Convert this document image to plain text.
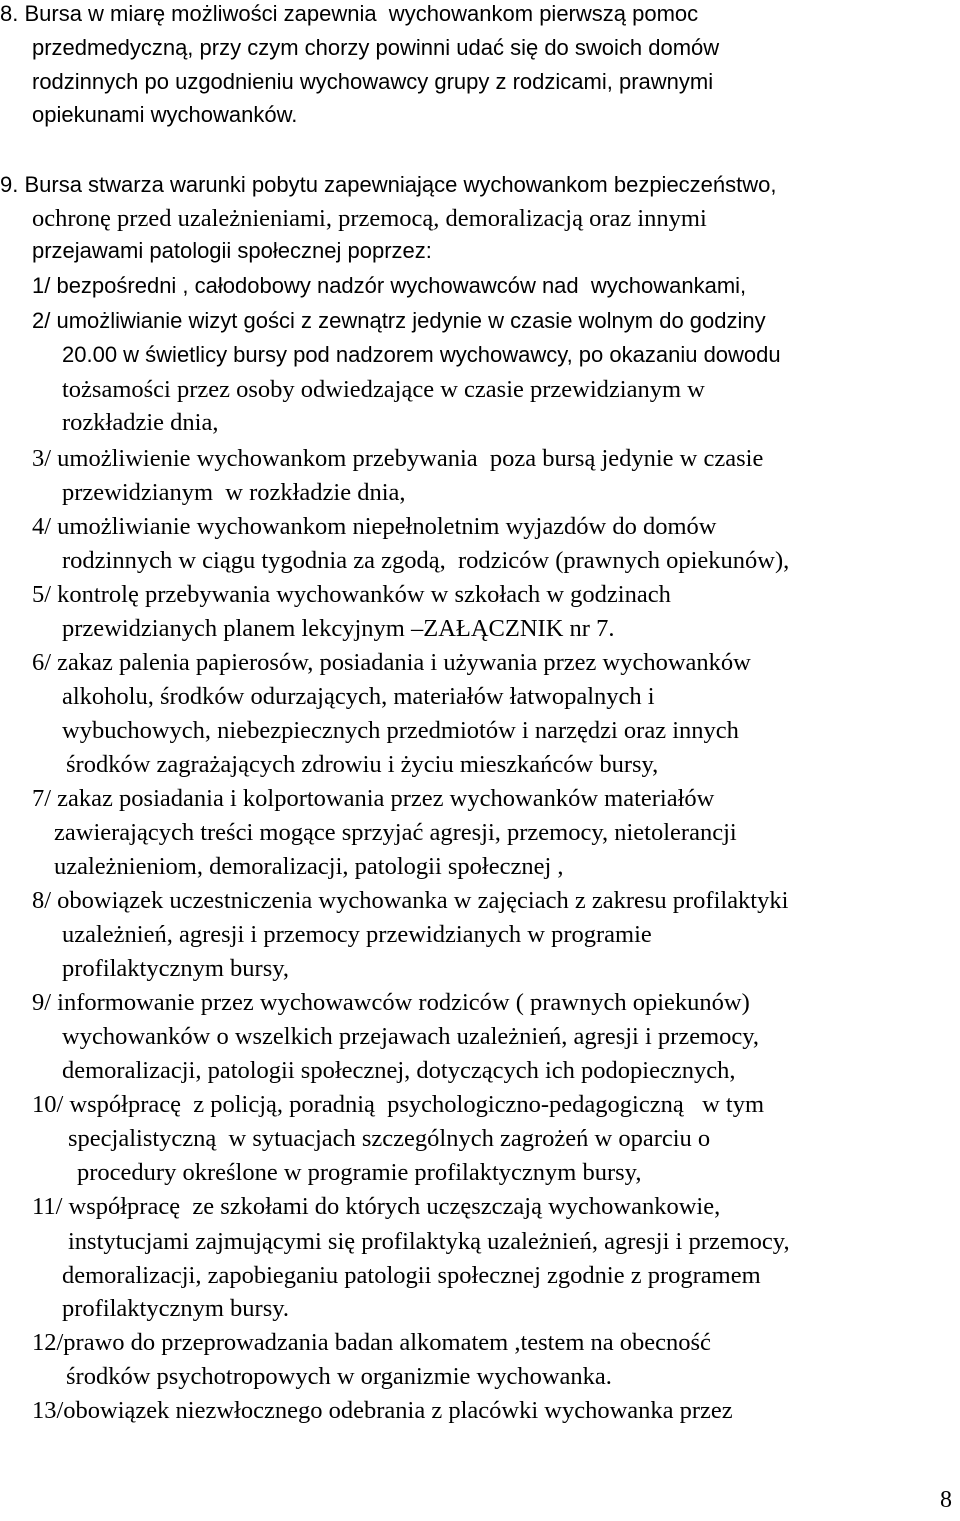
8. Bursa w miarę możliwości zapewnia  wychowankom pierwszą pomoc
przedmedyczną, przy czym chorzy powinni udać się do swoich domów
rodzinnych po uzgodnieniu wychowawcy grupy z rodzicami, prawnymi
opiekunami wychowanków.
9. Bursa stwarza warunki pobytu zapewniające wychowankom bezpieczeństwo,
ochronę przed uzależnieniami, przemocą, demoralizacją oraz innymi
przejawami patologii społecznej poprzez:
1/ bezpośredni , całodobowy nadzór wychowawców nad  wychowankami,
2/ umożliwianie wizyt gości z zewnątrz jedynie w czasie wolnym do godziny
20.00 w świetlicy bursy pod nadzorem wychowawcy, po okazaniu dowodu
tożsamości przez osoby odwiedzające w czasie przewidzianym w
rozkładzie dnia,
3/ umożliwienie wychowankom przebywania  poza bursą jedynie w czasie
przewidzianym  w rozkładzie dnia,
4/ umożliwianie wychowankom niepełnoletnim wyjazdów do domów
rodzinnych w ciągu tygodnia za zgodą,  rodziców (prawnych opiekunów),
5/ kontrolę przebywania wychowanków w szkołach w godzinach
przewidzianych planem lekcyjnym –ZAŁĄCZNIK nr 7.
6/ zakaz palenia papierosów, posiadania i używania przez wychowanków
alkoholu, środków odurzających, materiałów łatwopalnych i
wybuchowych, niebezpiecznych przedmiotów i narzędzi oraz innych
środków zagrażających zdrowiu i życiu mieszkańców bursy,
7/ zakaz posiadania i kolportowania przez wychowanków materiałów
zawierających treści mogące sprzyjać agresji, przemocy, nietolerancji
uzależnieniom, demoralizacji, patologii społecznej ,
8/ obowiązek uczestniczenia wychowanka w zajęciach z zakresu profilaktyki
uzależnień, agresji i przemocy przewidzianych w programie
profilaktycznym bursy,
9/ informowanie przez wychowawców rodziców ( prawnych opiekunów)
wychowanków o wszelkich przejawach uzależnień, agresji i przemocy,
demoralizacji, patologii społecznej, dotyczących ich podopiecznych,
10/ współpracę  z policją, poradnią  psychologiczno-pedagogiczną   w tym
specjalistyczną  w sytuacjach szczególnych zagrożeń w oparciu o
procedury określone w programie profilaktycznym bursy,
11/ współpracę  ze szkołami do których uczęszczają wychowankowie,
instytucjami zajmującymi się profilaktyką uzależnień, agresji i przemocy,
demoralizacji, zapobieganiu patologii społecznej zgodnie z programem
profilaktycznym bursy.
12/prawo do przeprowadzania badan alkomatem ,testem na obecność
środków psychotropowych w organizmie wychowanka.
13/obowiązek niezwłocznego odebrania z placówki wychowanka przez
8
